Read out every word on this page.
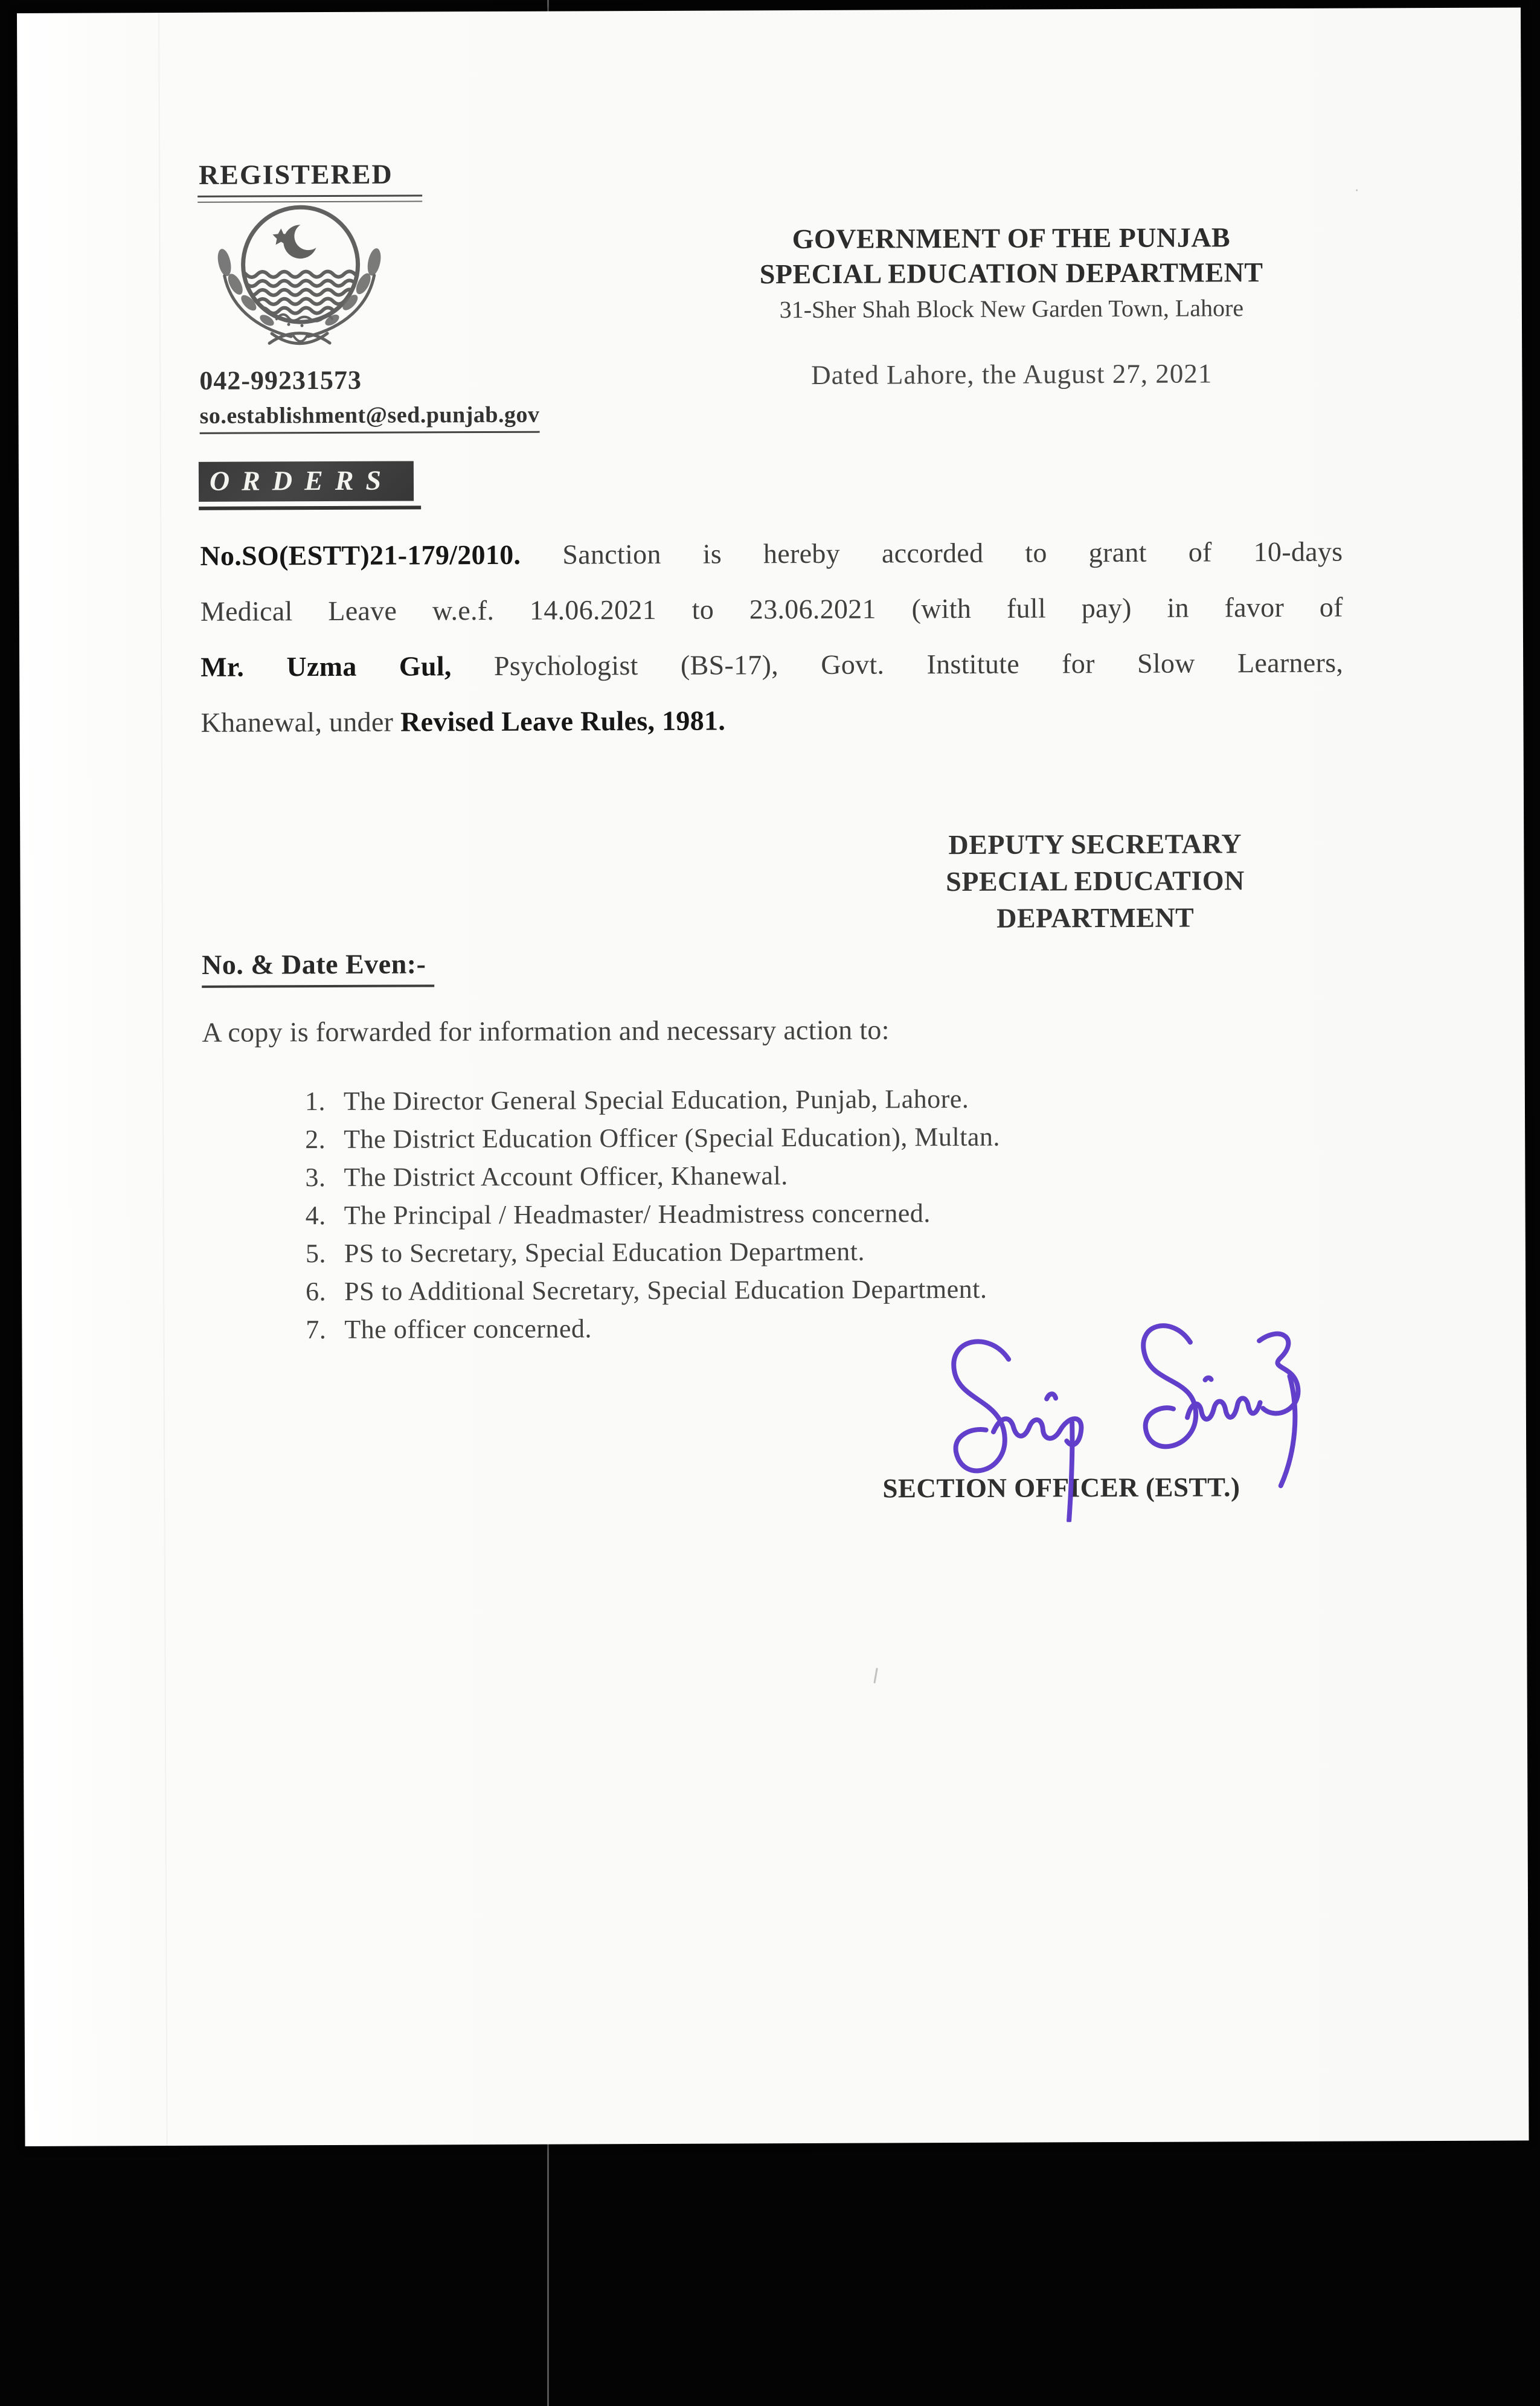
REGISTERED
042-99231573
so.establishment@sed.punjab.gov
GOVERNMENT OF THE PUNJAB
SPECIAL EDUCATION DEPARTMENT
31-Sher Shah Block New Garden Town, Lahore
Dated Lahore, the August 27, 2021
ORDERS
No.SO(ESTT)21-179/2010. Sanction is hereby accorded to grant of 10-days
Medical Leave w.e.f. 14.06.2021 to 23.06.2021 (with full pay) in favor of
Mr. Uzma Gul, Psychologist (BS-17), Govt. Institute for Slow Learners,
Khanewal, under Revised Leave Rules, 1981.
DEPUTY SECRETARY
SPECIAL EDUCATION
DEPARTMENT
No. & Date Even:-
A copy is forwarded for information and necessary action to:
1. The Director General Special Education, Punjab, Lahore.
2. The District Education Officer (Special Education), Multan.
3. The District Account Officer, Khanewal.
4. The Principal / Headmaster/ Headmistress concerned.
5. PS to Secretary, Special Education Department.
6. PS to Additional Secretary, Special Education Department.
7. The officer concerned.
SECTION OFFICER (ESTT.)
